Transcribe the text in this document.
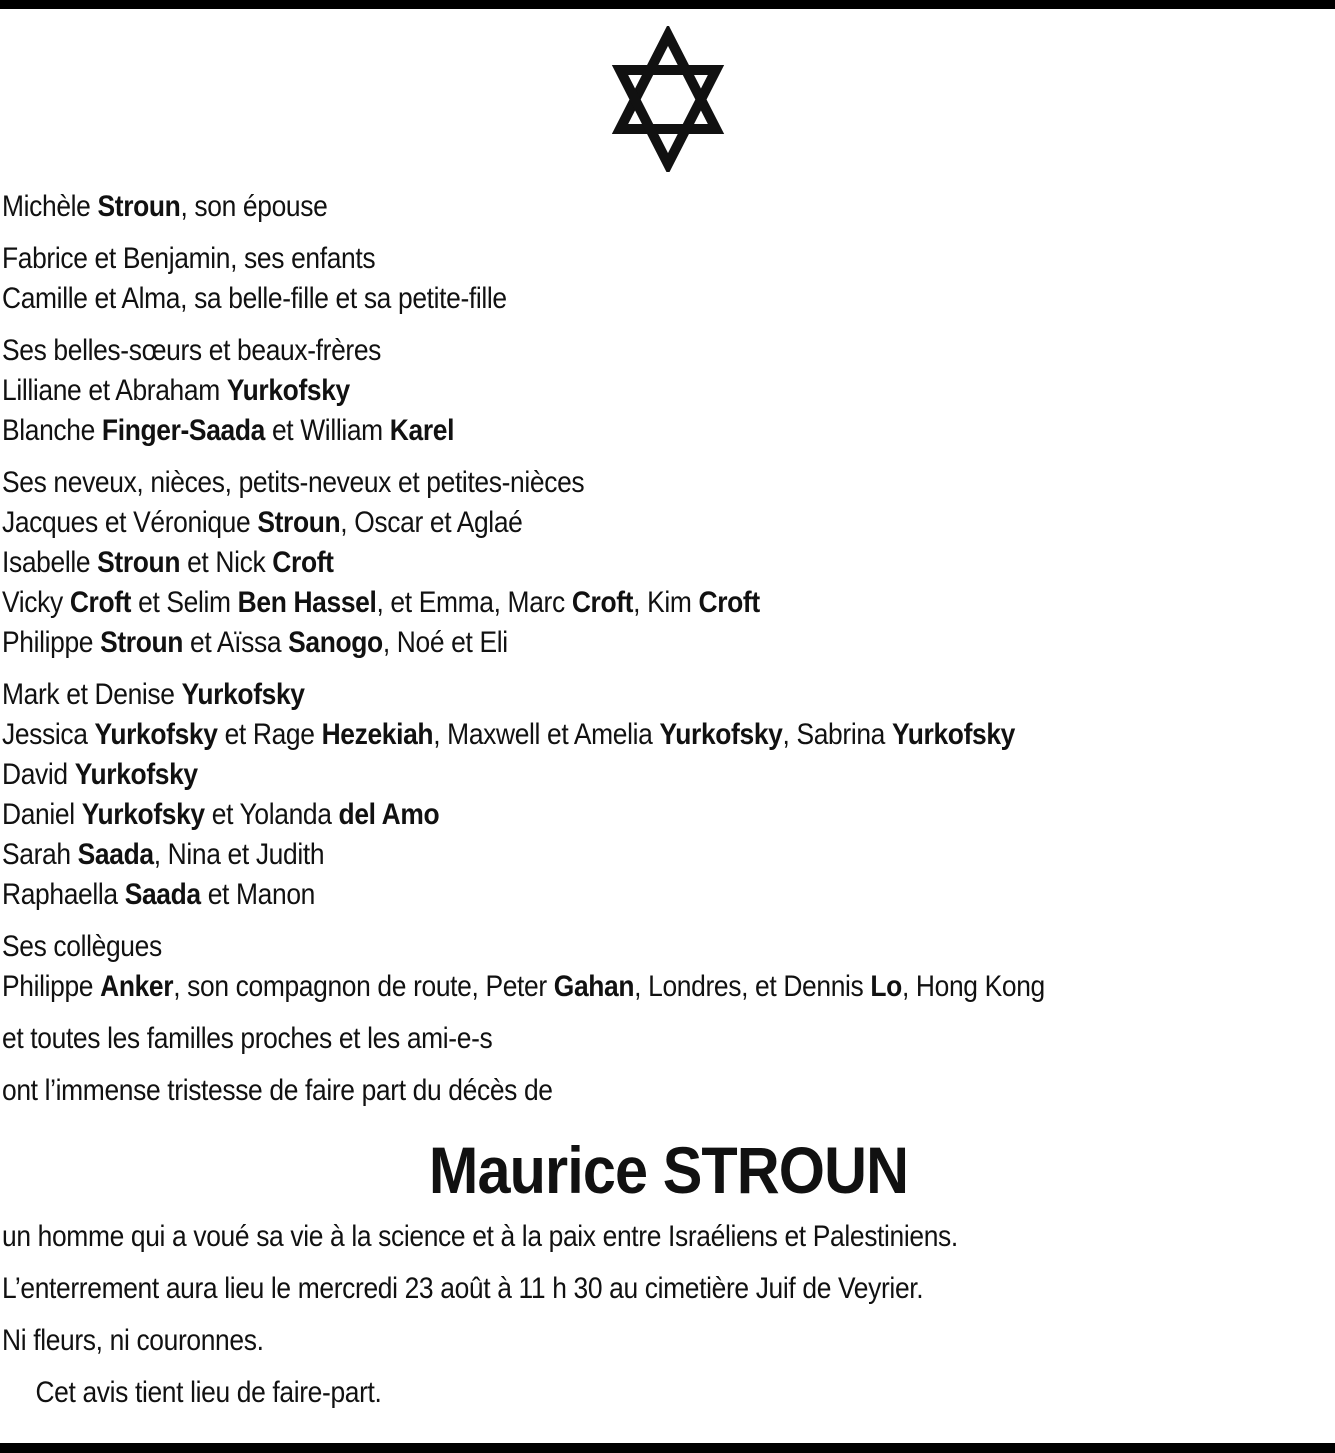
Michèle Stroun, son épouse
Fabrice et Benjamin, ses enfants
Camille et Alma, sa belle-fille et sa petite-fille
Ses belles-sœurs et beaux-frères
Lilliane et Abraham Yurkofsky
Blanche Finger-Saada et William Karel
Ses neveux, nièces, petits-neveux et petites-nièces
Jacques et Véronique Stroun, Oscar et Aglaé
Isabelle Stroun et Nick Croft
Vicky Croft et Selim Ben Hassel, et Emma, Marc Croft, Kim Croft
Philippe Stroun et Aïssa Sanogo, Noé et Eli
Mark et Denise Yurkofsky
Jessica Yurkofsky et Rage Hezekiah, Maxwell et Amelia Yurkofsky, Sabrina Yurkofsky
David Yurkofsky
Daniel Yurkofsky et Yolanda del Amo
Sarah Saada, Nina et Judith
Raphaella Saada et Manon
Ses collègues
Philippe Anker, son compagnon de route, Peter Gahan, Londres, et Dennis Lo, Hong Kong
et toutes les familles proches et les ami-e-s
ont l’immense tristesse de faire part du décès de
Maurice STROUN
un homme qui a voué sa vie à la science et à la paix entre Israéliens et Palestiniens.
L’enterrement aura lieu le mercredi 23 août à 11 h 30 au cimetière Juif de Veyrier.
Ni fleurs, ni couronnes.
Cet avis tient lieu de faire-part.
